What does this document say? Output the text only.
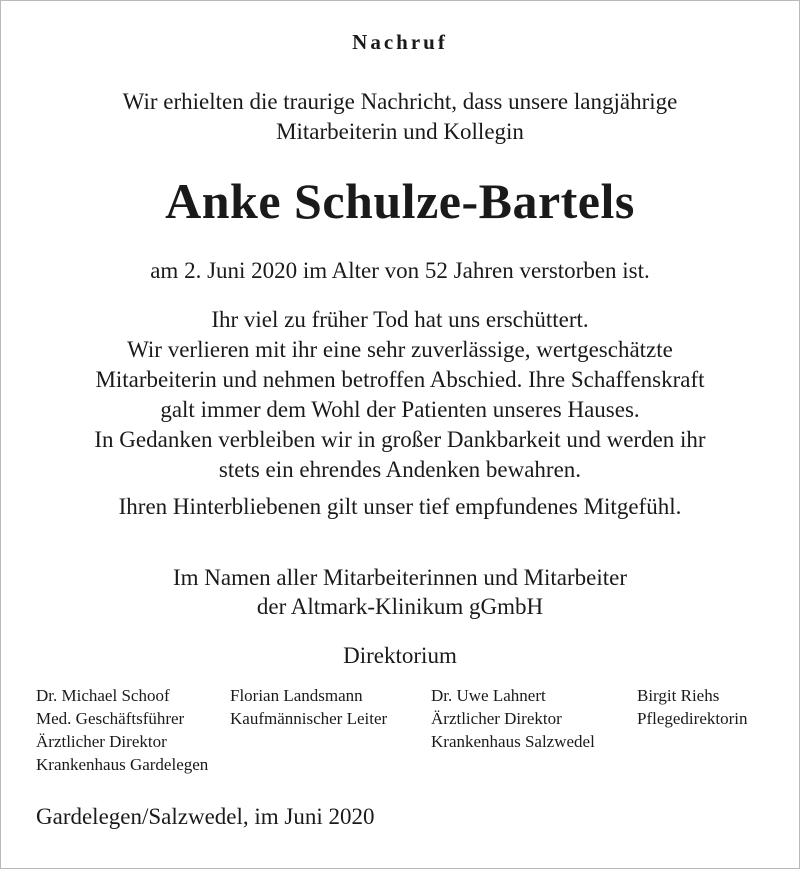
Nachruf
Wir erhielten die traurige Nachricht, dass unsere langjährige
Mitarbeiterin und Kollegin
Anke Schulze-Bartels
am 2. Juni 2020 im Alter von 52 Jahren verstorben ist.
Ihr viel zu früher Tod hat uns erschüttert.
Wir verlieren mit ihr eine sehr zuverlässige, wertgeschätzte
Mitarbeiterin und nehmen betroffen Abschied. Ihre Schaffenskraft
galt immer dem Wohl der Patienten unseres Hauses.
In Gedanken verbleiben wir in großer Dankbarkeit und werden ihr
stets ein ehrendes Andenken bewahren.
Ihren Hinterbliebenen gilt unser tief empfundenes Mitgefühl.
Im Namen aller Mitarbeiterinnen und Mitarbeiter
der Altmark-Klinikum gGmbH
Direktorium
Dr. Michael Schoof
Med. Geschäftsführer
Ärztlicher Direktor
Krankenhaus Gardelegen
Florian Landsmann
Kaufmännischer Leiter
Dr. Uwe Lahnert
Ärztlicher Direktor
Krankenhaus Salzwedel
Birgit Riehs
Pflegedirektorin
Gardelegen/Salzwedel, im Juni 2020
